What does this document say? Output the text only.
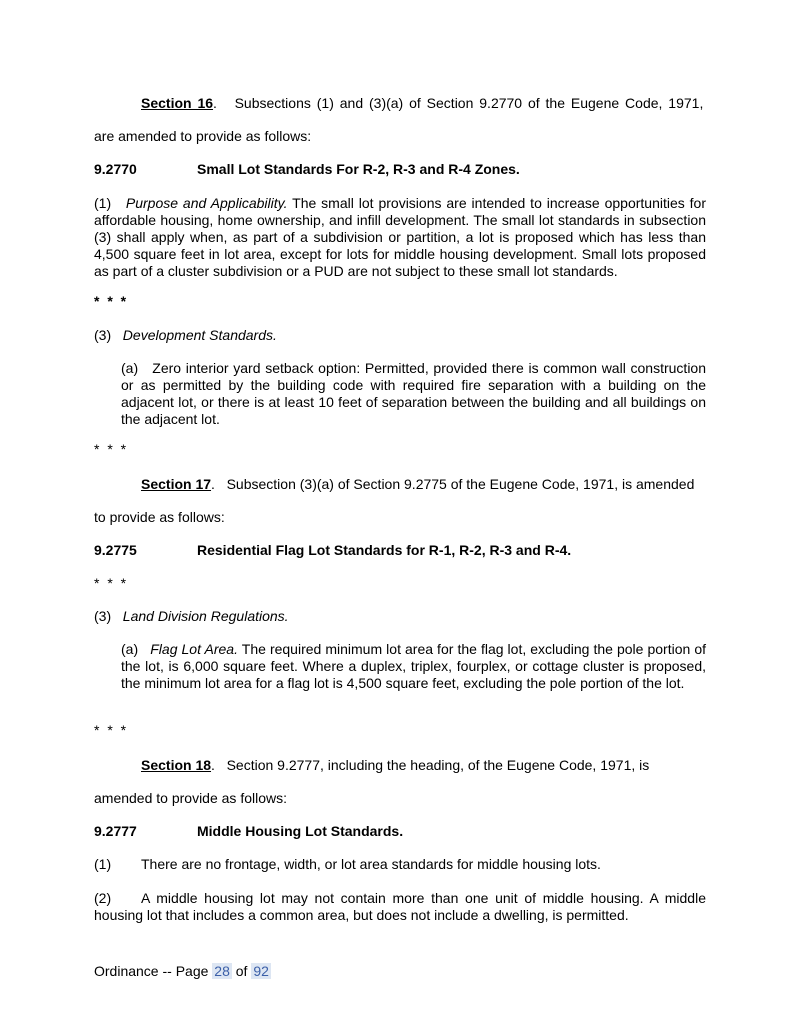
Section 16. Subsections (1) and (3)(a) of Section 9.2770 of the Eugene Code, 1971,
are amended to provide as follows:
9.2770	Small Lot Standards For R-2, R-3 and R-4 Zones.
(1) Purpose and Applicability. The small lot provisions are intended to increase opportunities for affordable housing, home ownership, and infill development. The small lot standards in subsection (3) shall apply when, as part of a subdivision or partition, a lot is proposed which has less than 4,500 square feet in lot area, except for lots for middle housing development. Small lots proposed as part of a cluster subdivision or a PUD are not subject to these small lot standards.
* * *
(3) Development Standards.
(a) Zero interior yard setback option: Permitted, provided there is common wall construction or as permitted by the building code with required fire separation with a building on the adjacent lot, or there is at least 10 feet of separation between the building and all buildings on the adjacent lot.
* * *
Section 17. Subsection (3)(a) of Section 9.2775 of the Eugene Code, 1971, is amended
to provide as follows:
9.2775	Residential Flag Lot Standards for R-1, R-2, R-3 and R-4.
* * *
(3) Land Division Regulations.
(a) Flag Lot Area. The required minimum lot area for the flag lot, excluding the pole portion of the lot, is 6,000 square feet. Where a duplex, triplex, fourplex, or cottage cluster is proposed, the minimum lot area for a flag lot is 4,500 square feet, excluding the pole portion of the lot.
* * *
Section 18. Section 9.2777, including the heading, of the Eugene Code, 1971, is
amended to provide as follows:
9.2777	Middle Housing Lot Standards.
(1) There are no frontage, width, or lot area standards for middle housing lots.
(2) A middle housing lot may not contain more than one unit of middle housing. A middle housing lot that includes a common area, but does not include a dwelling, is permitted.
Ordinance -- Page 28 of 92
